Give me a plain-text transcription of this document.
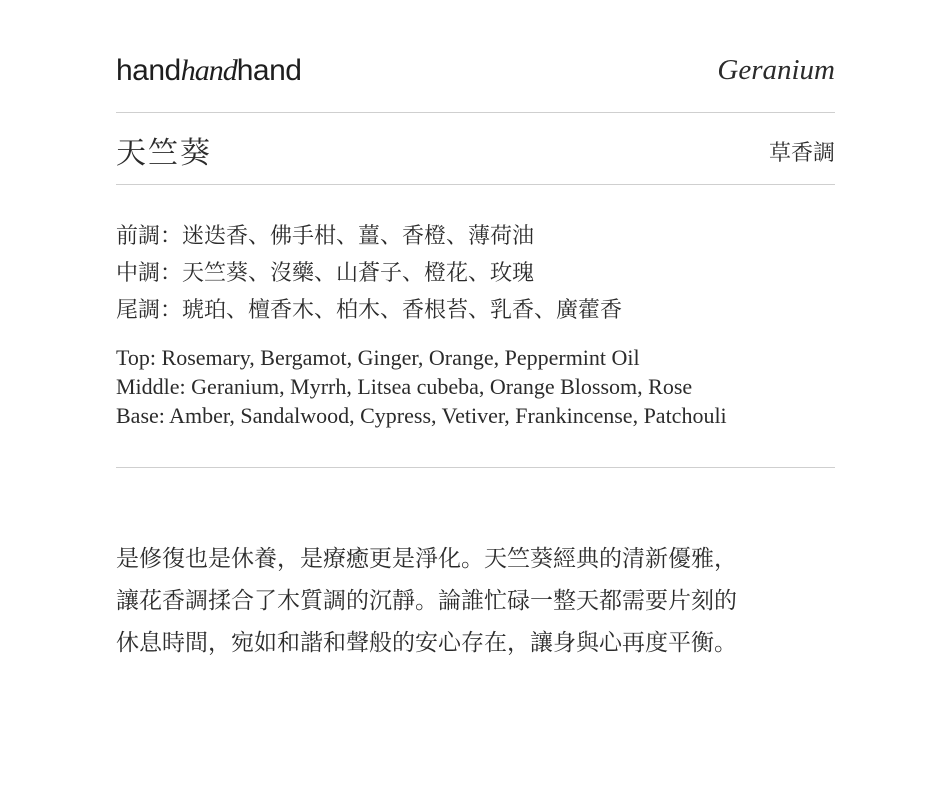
handhandhand	Geranium
天竺葵	草香調
前調：迷迭香、佛手柑、薑、香橙、薄荷油
中調：天竺葵、沒藥、山蒼子、橙花、玫瑰
尾調：琥珀、檀香木、柏木、香根苔、乳香、廣藿香
Top: Rosemary, Bergamot, Ginger, Orange, Peppermint Oil
Middle: Geranium, Myrrh, Litsea cubeba, Orange Blossom, Rose
Base: Amber, Sandalwood, Cypress, Vetiver, Frankincense, Patchouli
是修復也是休養，是療癒更是淨化。天竺葵經典的清新優雅，
讓花香調揉合了木質調的沉靜。論誰忙碌一整天都需要片刻的
休息時間，宛如和諧和聲般的安心存在，讓身與心再度平衡。
